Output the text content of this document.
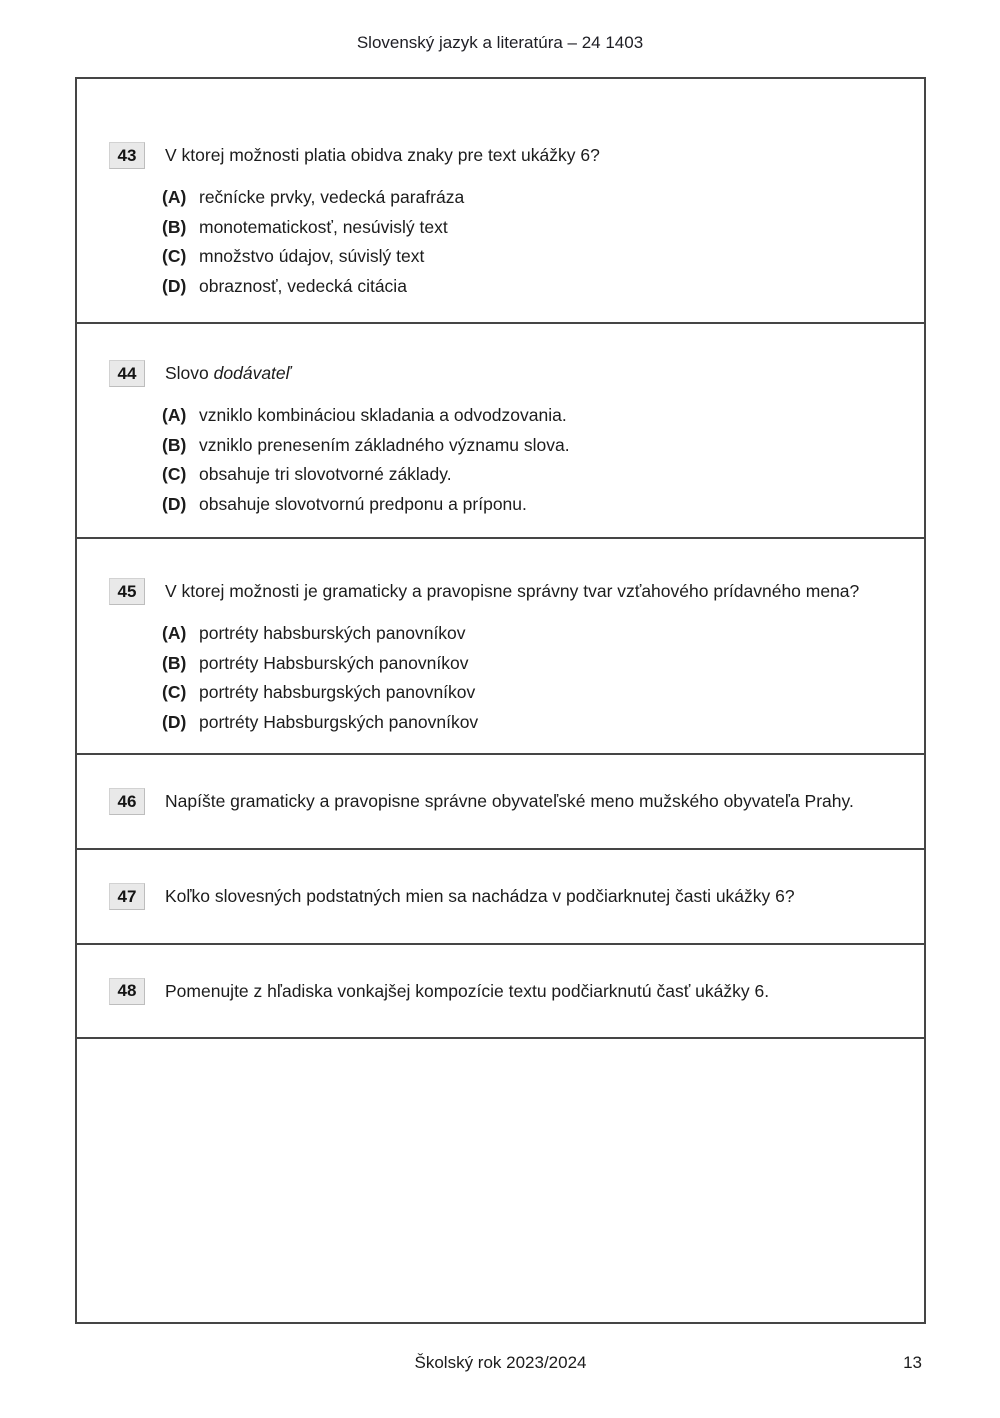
Slovenský jazyk a literatúra – 24 1403
43	V ktorej možnosti platia obidva znaky pre text ukážky 6?
(A) rečnícke prvky, vedecká parafráza
(B) monotematickosť, nesúvislý text
(C) množstvo údajov, súvislý text
(D) obraznosť, vedecká citácia
44	Slovo dodávateľ
(A) vzniklo kombináciou skladania a odvodzovania.
(B) vzniklo prenesením základného významu slova.
(C) obsahuje tri slovotvorné základy.
(D) obsahuje slovotvornú predponu a príponu.
45	V ktorej možnosti je gramaticky a pravopisne správny tvar vzťahového prídavného mena?
(A) portréty habsburských panovníkov
(B) portréty Habsburských panovníkov
(C) portréty habsburgských panovníkov
(D) portréty Habsburgských panovníkov
46	Napíšte gramaticky a pravopisne správne obyvateľské meno mužského obyvateľa Prahy.
47	Koľko slovesných podstatných mien sa nachádza v podčiarknutej časti ukážky 6?
48	Pomenujte z hľadiska vonkajšej kompozície textu podčiarknutú časť ukážky 6.
Školský rok 2023/2024	13
